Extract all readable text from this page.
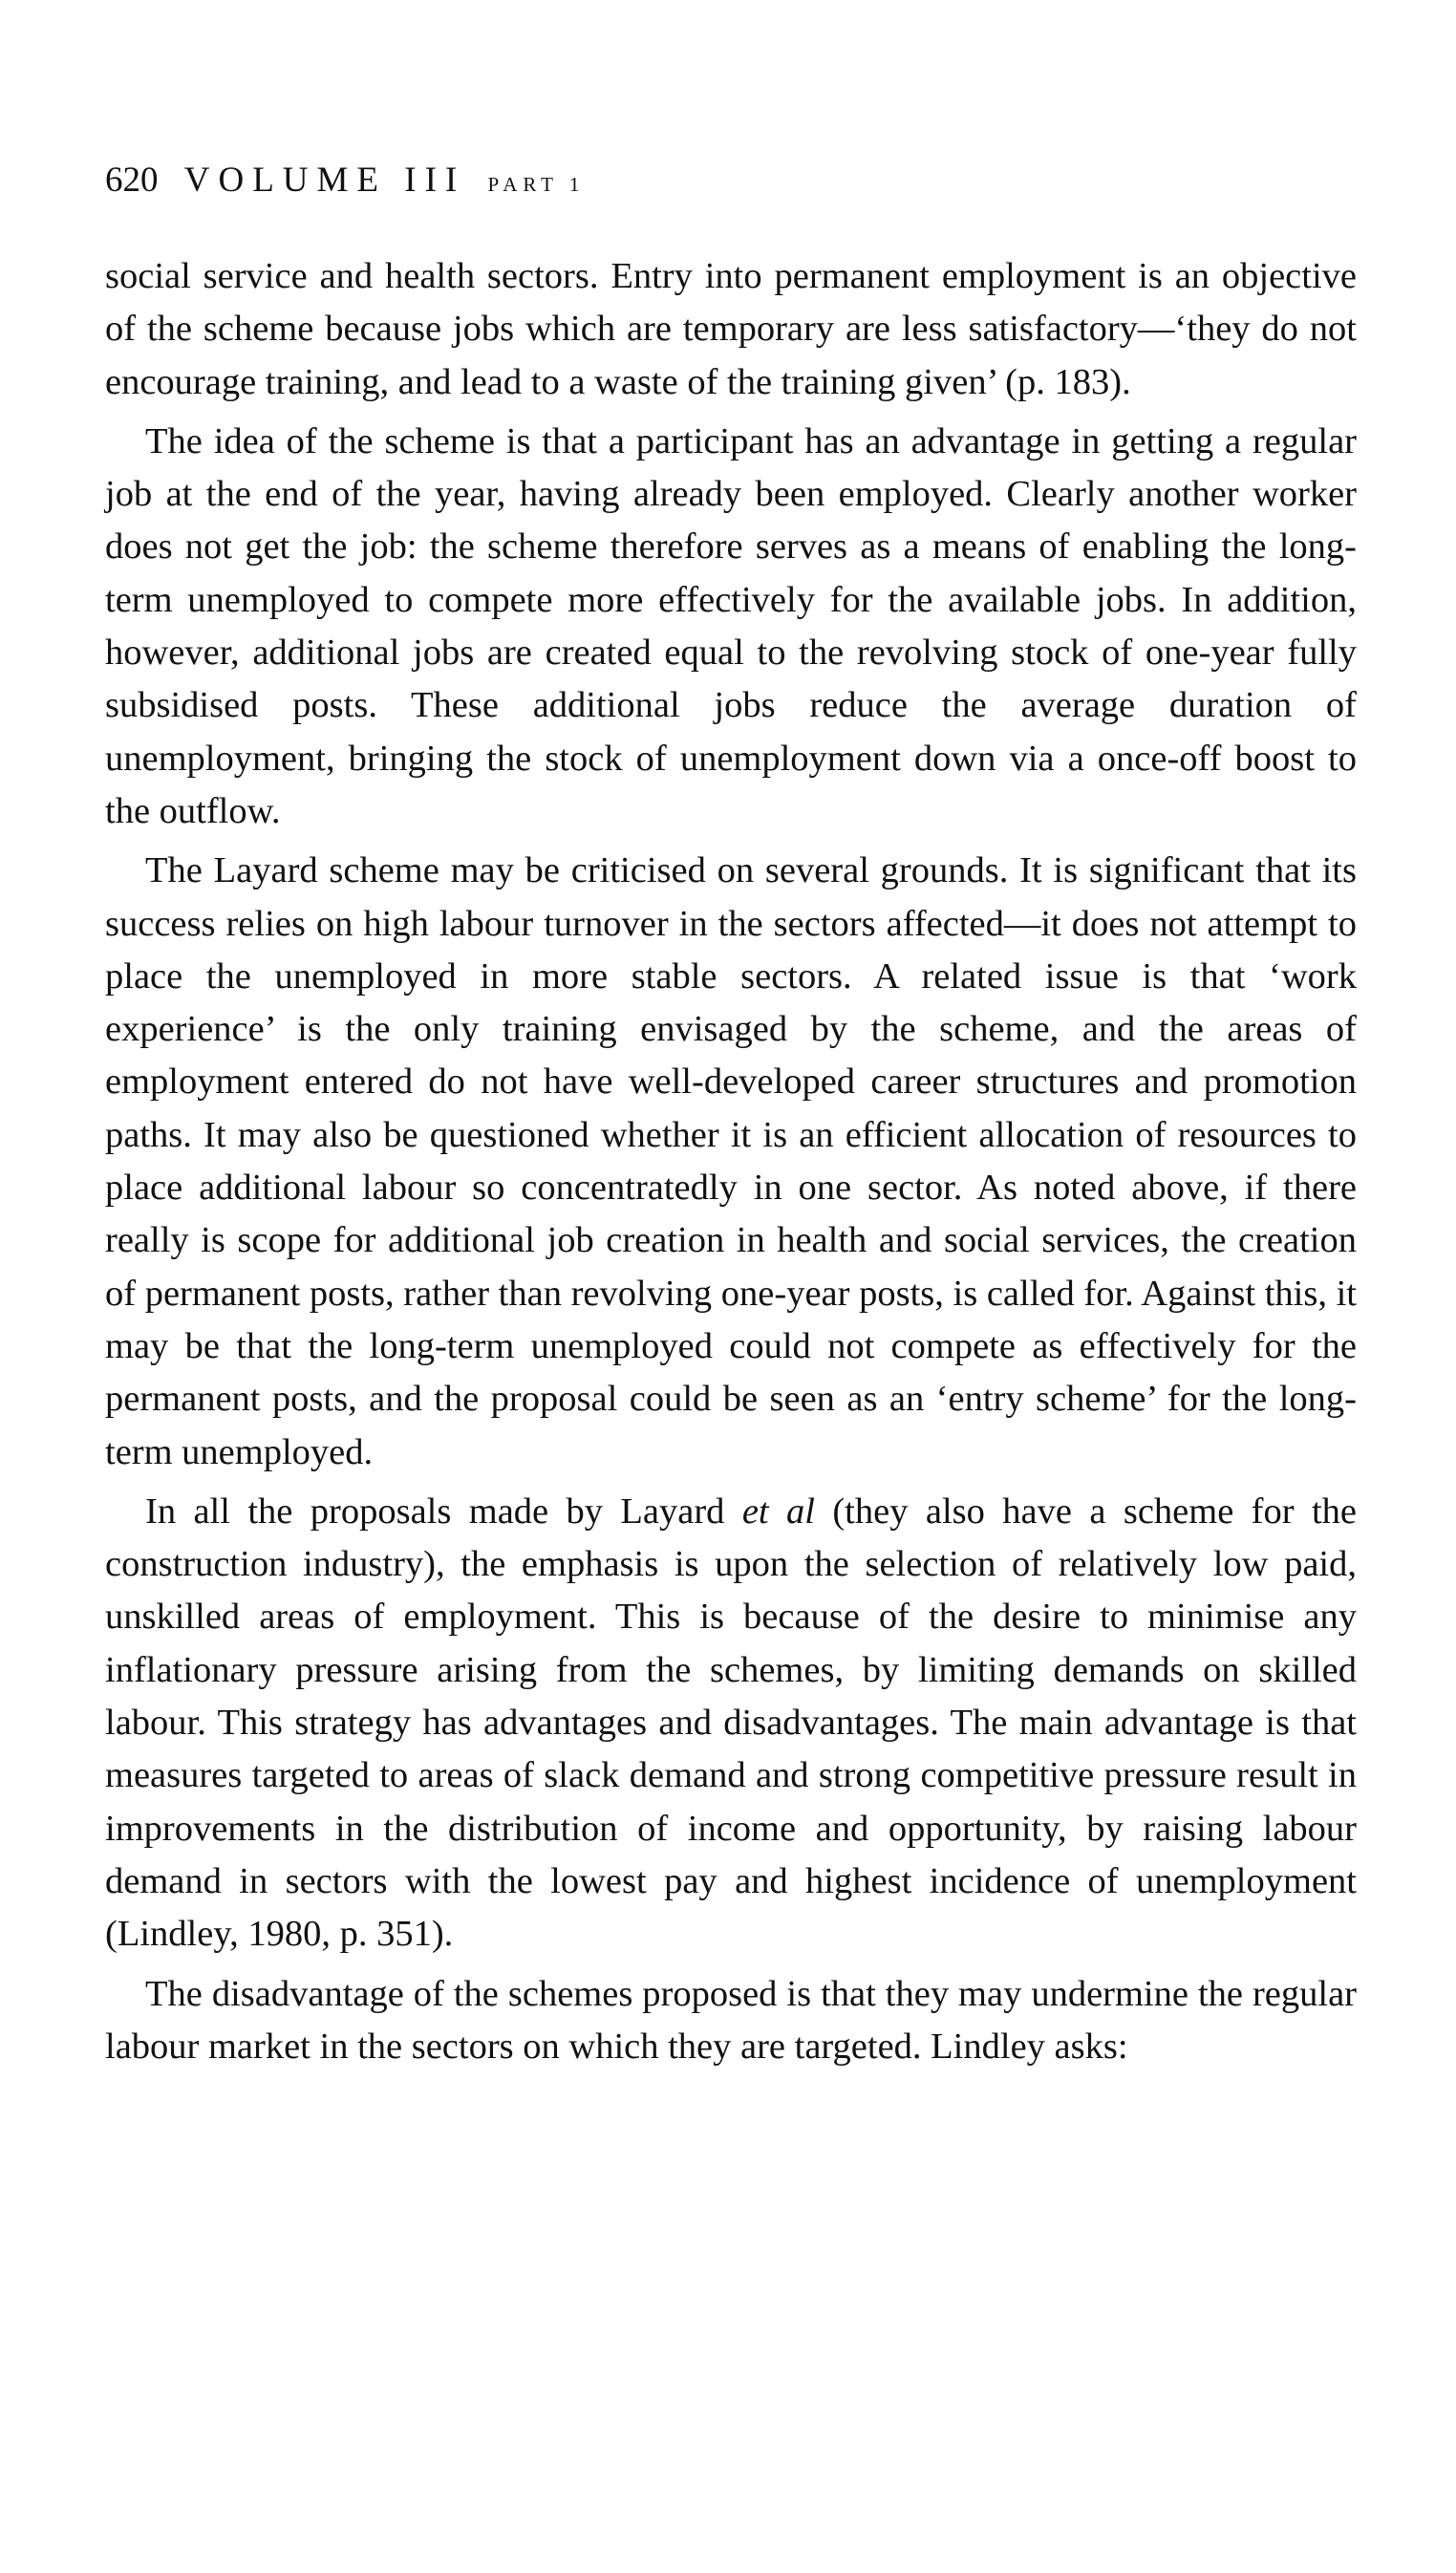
620 VOLUME III PART 1

social service and health sectors. Entry into permanent employment is an objective of the scheme because jobs which are temporary are less satisfactory—‘they do not encourage training, and lead to a waste of the training given’ (p. 183).

The idea of the scheme is that a participant has an advantage in getting a regular job at the end of the year, having already been employed. Clearly another worker does not get the job: the scheme therefore serves as a means of enabling the long-term unemployed to compete more effectively for the available jobs. In addition, however, additional jobs are created equal to the revolving stock of one-year fully subsidised posts. These additional jobs reduce the average duration of unemployment, bringing the stock of unemployment down via a once-off boost to the outflow.

The Layard scheme may be criticised on several grounds. It is significant that its success relies on high labour turnover in the sectors affected—it does not attempt to place the unemployed in more stable sectors. A related issue is that ‘work experience’ is the only training envisaged by the scheme, and the areas of employment entered do not have well-developed career structures and promotion paths. It may also be questioned whether it is an efficient allocation of resources to place additional labour so concentratedly in one sector. As noted above, if there really is scope for additional job creation in health and social services, the creation of permanent posts, rather than revolving one-year posts, is called for. Against this, it may be that the long-term unemployed could not compete as effectively for the permanent posts, and the proposal could be seen as an ‘entry scheme’ for the long-term unemployed.

In all the proposals made by Layard et al (they also have a scheme for the construction industry), the emphasis is upon the selection of relatively low paid, unskilled areas of employment. This is because of the desire to minimise any inflationary pressure arising from the schemes, by limiting demands on skilled labour. This strategy has advantages and disadvantages. The main advantage is that measures targeted to areas of slack demand and strong competitive pressure result in improvements in the distribution of income and opportunity, by raising labour demand in sectors with the lowest pay and highest incidence of unemployment (Lindley, 1980, p. 351).

The disadvantage of the schemes proposed is that they may undermine the regular labour market in the sectors on which they are targeted. Lindley asks:
